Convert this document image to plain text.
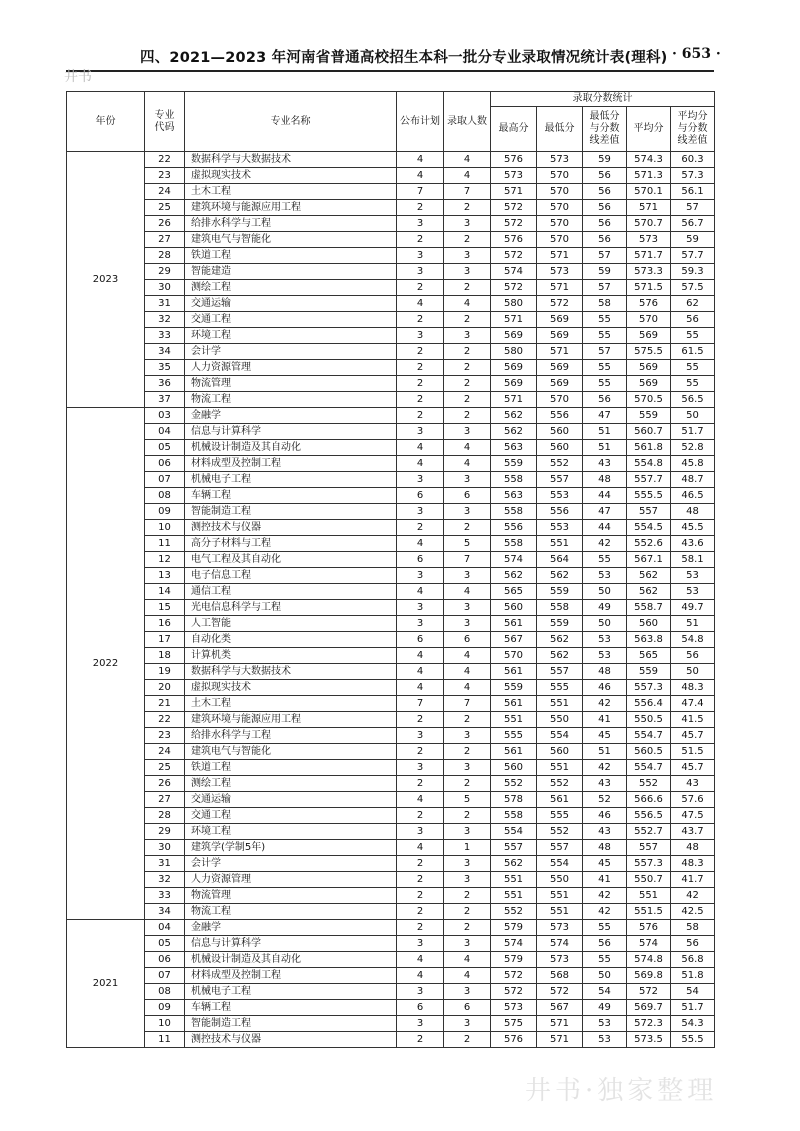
四、2021—2023 年河南省普通高校招生本科一批分专业录取情况统计表(理科) · 653 ·
井书
年份	专业代码	专业名称	公布计划	录取人数	录取分数统计				
					最高分	最低分	最低分与分数线差值	平均分	平均分与分数线差值
2023	22	数据科学与大数据技术	4	4	576	573	59	574.3	60.3
	23	虚拟现实技术	4	4	573	570	56	571.3	57.3
	24	土木工程	7	7	571	570	56	570.1	56.1
	25	建筑环境与能源应用工程	2	2	572	570	56	571	57
	26	给排水科学与工程	3	3	572	570	56	570.7	56.7
	27	建筑电气与智能化	2	2	576	570	56	573	59
	28	铁道工程	3	3	572	571	57	571.7	57.7
	29	智能建造	3	3	574	573	59	573.3	59.3
	30	测绘工程	2	2	572	571	57	571.5	57.5
	31	交通运输	4	4	580	572	58	576	62
	32	交通工程	2	2	571	569	55	570	56
	33	环境工程	3	3	569	569	55	569	55
	34	会计学	2	2	580	571	57	575.5	61.5
	35	人力资源管理	2	2	569	569	55	569	55
	36	物流管理	2	2	569	569	55	569	55
	37	物流工程	2	2	571	570	56	570.5	56.5
2022	03	金融学	2	2	562	556	47	559	50
	04	信息与计算科学	3	3	562	560	51	560.7	51.7
	05	机械设计制造及其自动化	4	4	563	560	51	561.8	52.8
	06	材料成型及控制工程	4	4	559	552	43	554.8	45.8
	07	机械电子工程	3	3	558	557	48	557.7	48.7
	08	车辆工程	6	6	563	553	44	555.5	46.5
	09	智能制造工程	3	3	558	556	47	557	48
	10	测控技术与仪器	2	2	556	553	44	554.5	45.5
	11	高分子材料与工程	4	5	558	551	42	552.6	43.6
	12	电气工程及其自动化	6	7	574	564	55	567.1	58.1
	13	电子信息工程	3	3	562	562	53	562	53
	14	通信工程	4	4	565	559	50	562	53
	15	光电信息科学与工程	3	3	560	558	49	558.7	49.7
	16	人工智能	3	3	561	559	50	560	51
	17	自动化类	6	6	567	562	53	563.8	54.8
	18	计算机类	4	4	570	562	53	565	56
	19	数据科学与大数据技术	4	4	561	557	48	559	50
	20	虚拟现实技术	4	4	559	555	46	557.3	48.3
	21	土木工程	7	7	561	551	42	556.4	47.4
	22	建筑环境与能源应用工程	2	2	551	550	41	550.5	41.5
	23	给排水科学与工程	3	3	555	554	45	554.7	45.7
	24	建筑电气与智能化	2	2	561	560	51	560.5	51.5
	25	铁道工程	3	3	560	551	42	554.7	45.7
	26	测绘工程	2	2	552	552	43	552	43
	27	交通运输	4	5	578	561	52	566.6	57.6
	28	交通工程	2	2	558	555	46	556.5	47.5
	29	环境工程	3	3	554	552	43	552.7	43.7
	30	建筑学(学制5年)	4	1	557	557	48	557	48
	31	会计学	2	3	562	554	45	557.3	48.3
	32	人力资源管理	2	3	551	550	41	550.7	41.7
	33	物流管理	2	2	551	551	42	551	42
	34	物流工程	2	2	552	551	42	551.5	42.5
2021	04	金融学	2	2	579	573	55	576	58
	05	信息与计算科学	3	3	574	574	56	574	56
	06	机械设计制造及其自动化	4	4	579	573	55	574.8	56.8
	07	材料成型及控制工程	4	4	572	568	50	569.8	51.8
	08	机械电子工程	3	3	572	572	54	572	54
	09	车辆工程	6	6	573	567	49	569.7	51.7
	10	智能制造工程	3	3	575	571	53	572.3	54.3
	11	测控技术与仪器	2	2	576	571	53	573.5	55.5
井书·独家整理
